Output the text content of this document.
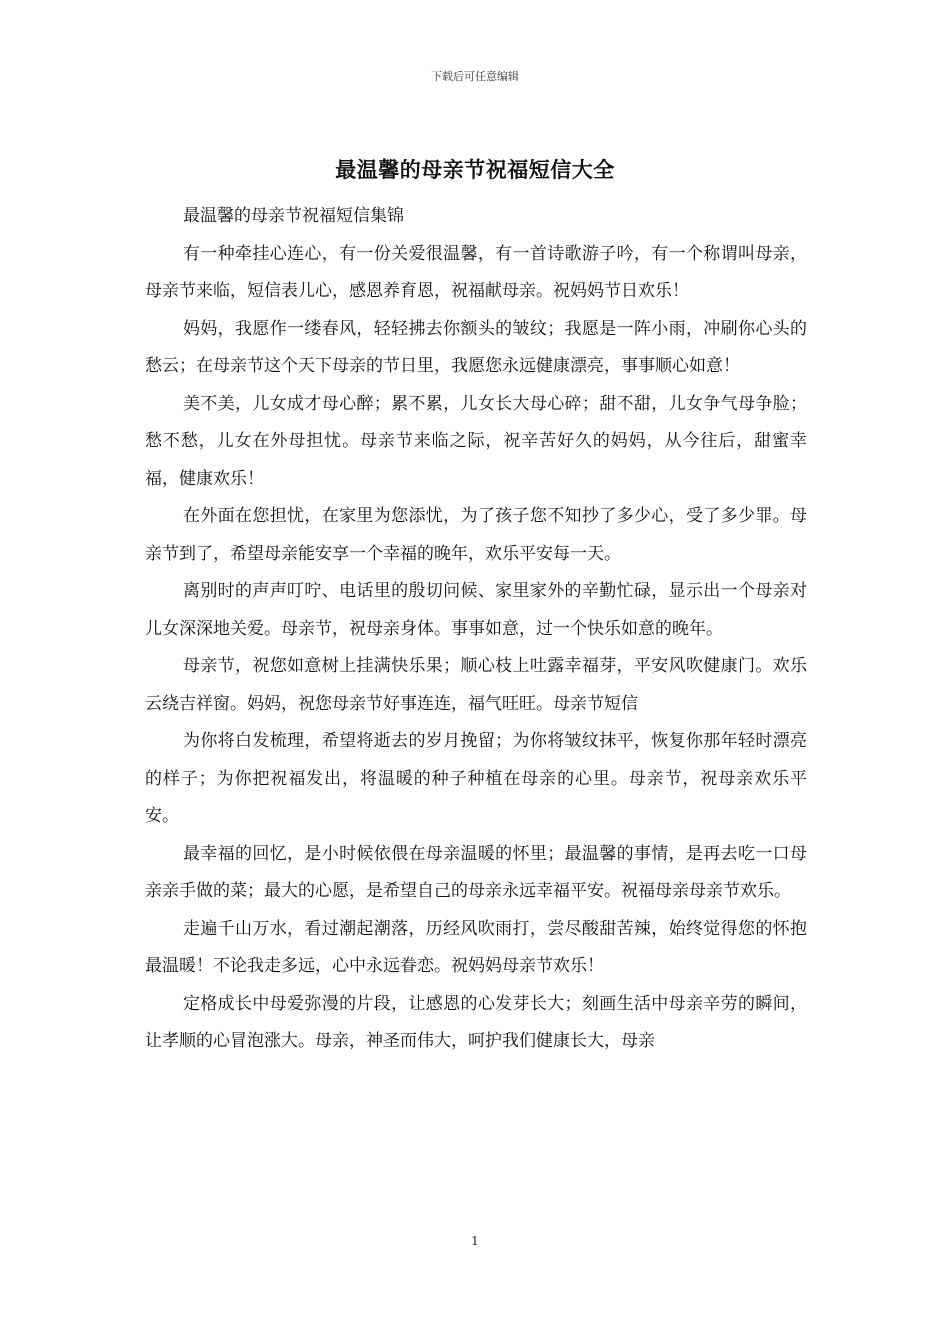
下载后可任意编辑
最温馨的母亲节祝福短信大全

最温馨的母亲节祝福短信集锦

有一种牵挂心连心，有一份关爱很温馨，有一首诗歌游子吟，有一个称谓叫母亲，母亲节来临，短信表儿心，感恩养育恩，祝福献母亲。祝妈妈节日欢乐！

妈妈，我愿作一缕春风，轻轻拂去你额头的皱纹；我愿是一阵小雨，冲刷你心头的愁云；在母亲节这个天下母亲的节日里，我愿您永远健康漂亮，事事顺心如意！

美不美，儿女成才母心醉；累不累，儿女长大母心碎；甜不甜，儿女争气母争脸；愁不愁，儿女在外母担忧。母亲节来临之际，祝辛苦好久的妈妈，从今往后，甜蜜幸福，健康欢乐！

在外面在您担忧，在家里为您添忧，为了孩子您不知抄了多少心，受了多少罪。母亲节到了，希望母亲能安享一个幸福的晚年，欢乐平安每一天。

离别时的声声叮咛、电话里的殷切问候、家里家外的辛勤忙碌，显示出一个母亲对儿女深深地关爱。母亲节，祝母亲身体。事事如意，过一个快乐如意的晚年。

母亲节，祝您如意树上挂满快乐果；顺心枝上吐露幸福芽，平安风吹健康门。欢乐云绕吉祥窗。妈妈，祝您母亲节好事连连，福气旺旺。母亲节短信

为你将白发梳理，希望将逝去的岁月挽留；为你将皱纹抹平，恢复你那年轻时漂亮的样子；为你把祝福发出，将温暖的种子种植在母亲的心里。母亲节，祝母亲欢乐平安。

最幸福的回忆，是小时候依偎在母亲温暖的怀里；最温馨的事情，是再去吃一口母亲亲手做的菜；最大的心愿，是希望自己的母亲永远幸福平安。祝福母亲母亲节欢乐。

走遍千山万水，看过潮起潮落，历经风吹雨打，尝尽酸甜苦辣，始终觉得您的怀抱最温暖！不论我走多远，心中永远眷恋。祝妈妈母亲节欢乐！

定格成长中母爱弥漫的片段，让感恩的心发芽长大；刻画生活中母亲辛劳的瞬间，让孝顺的心冒泡涨大。母亲，神圣而伟大，呵护我们健康长大，母亲

1
